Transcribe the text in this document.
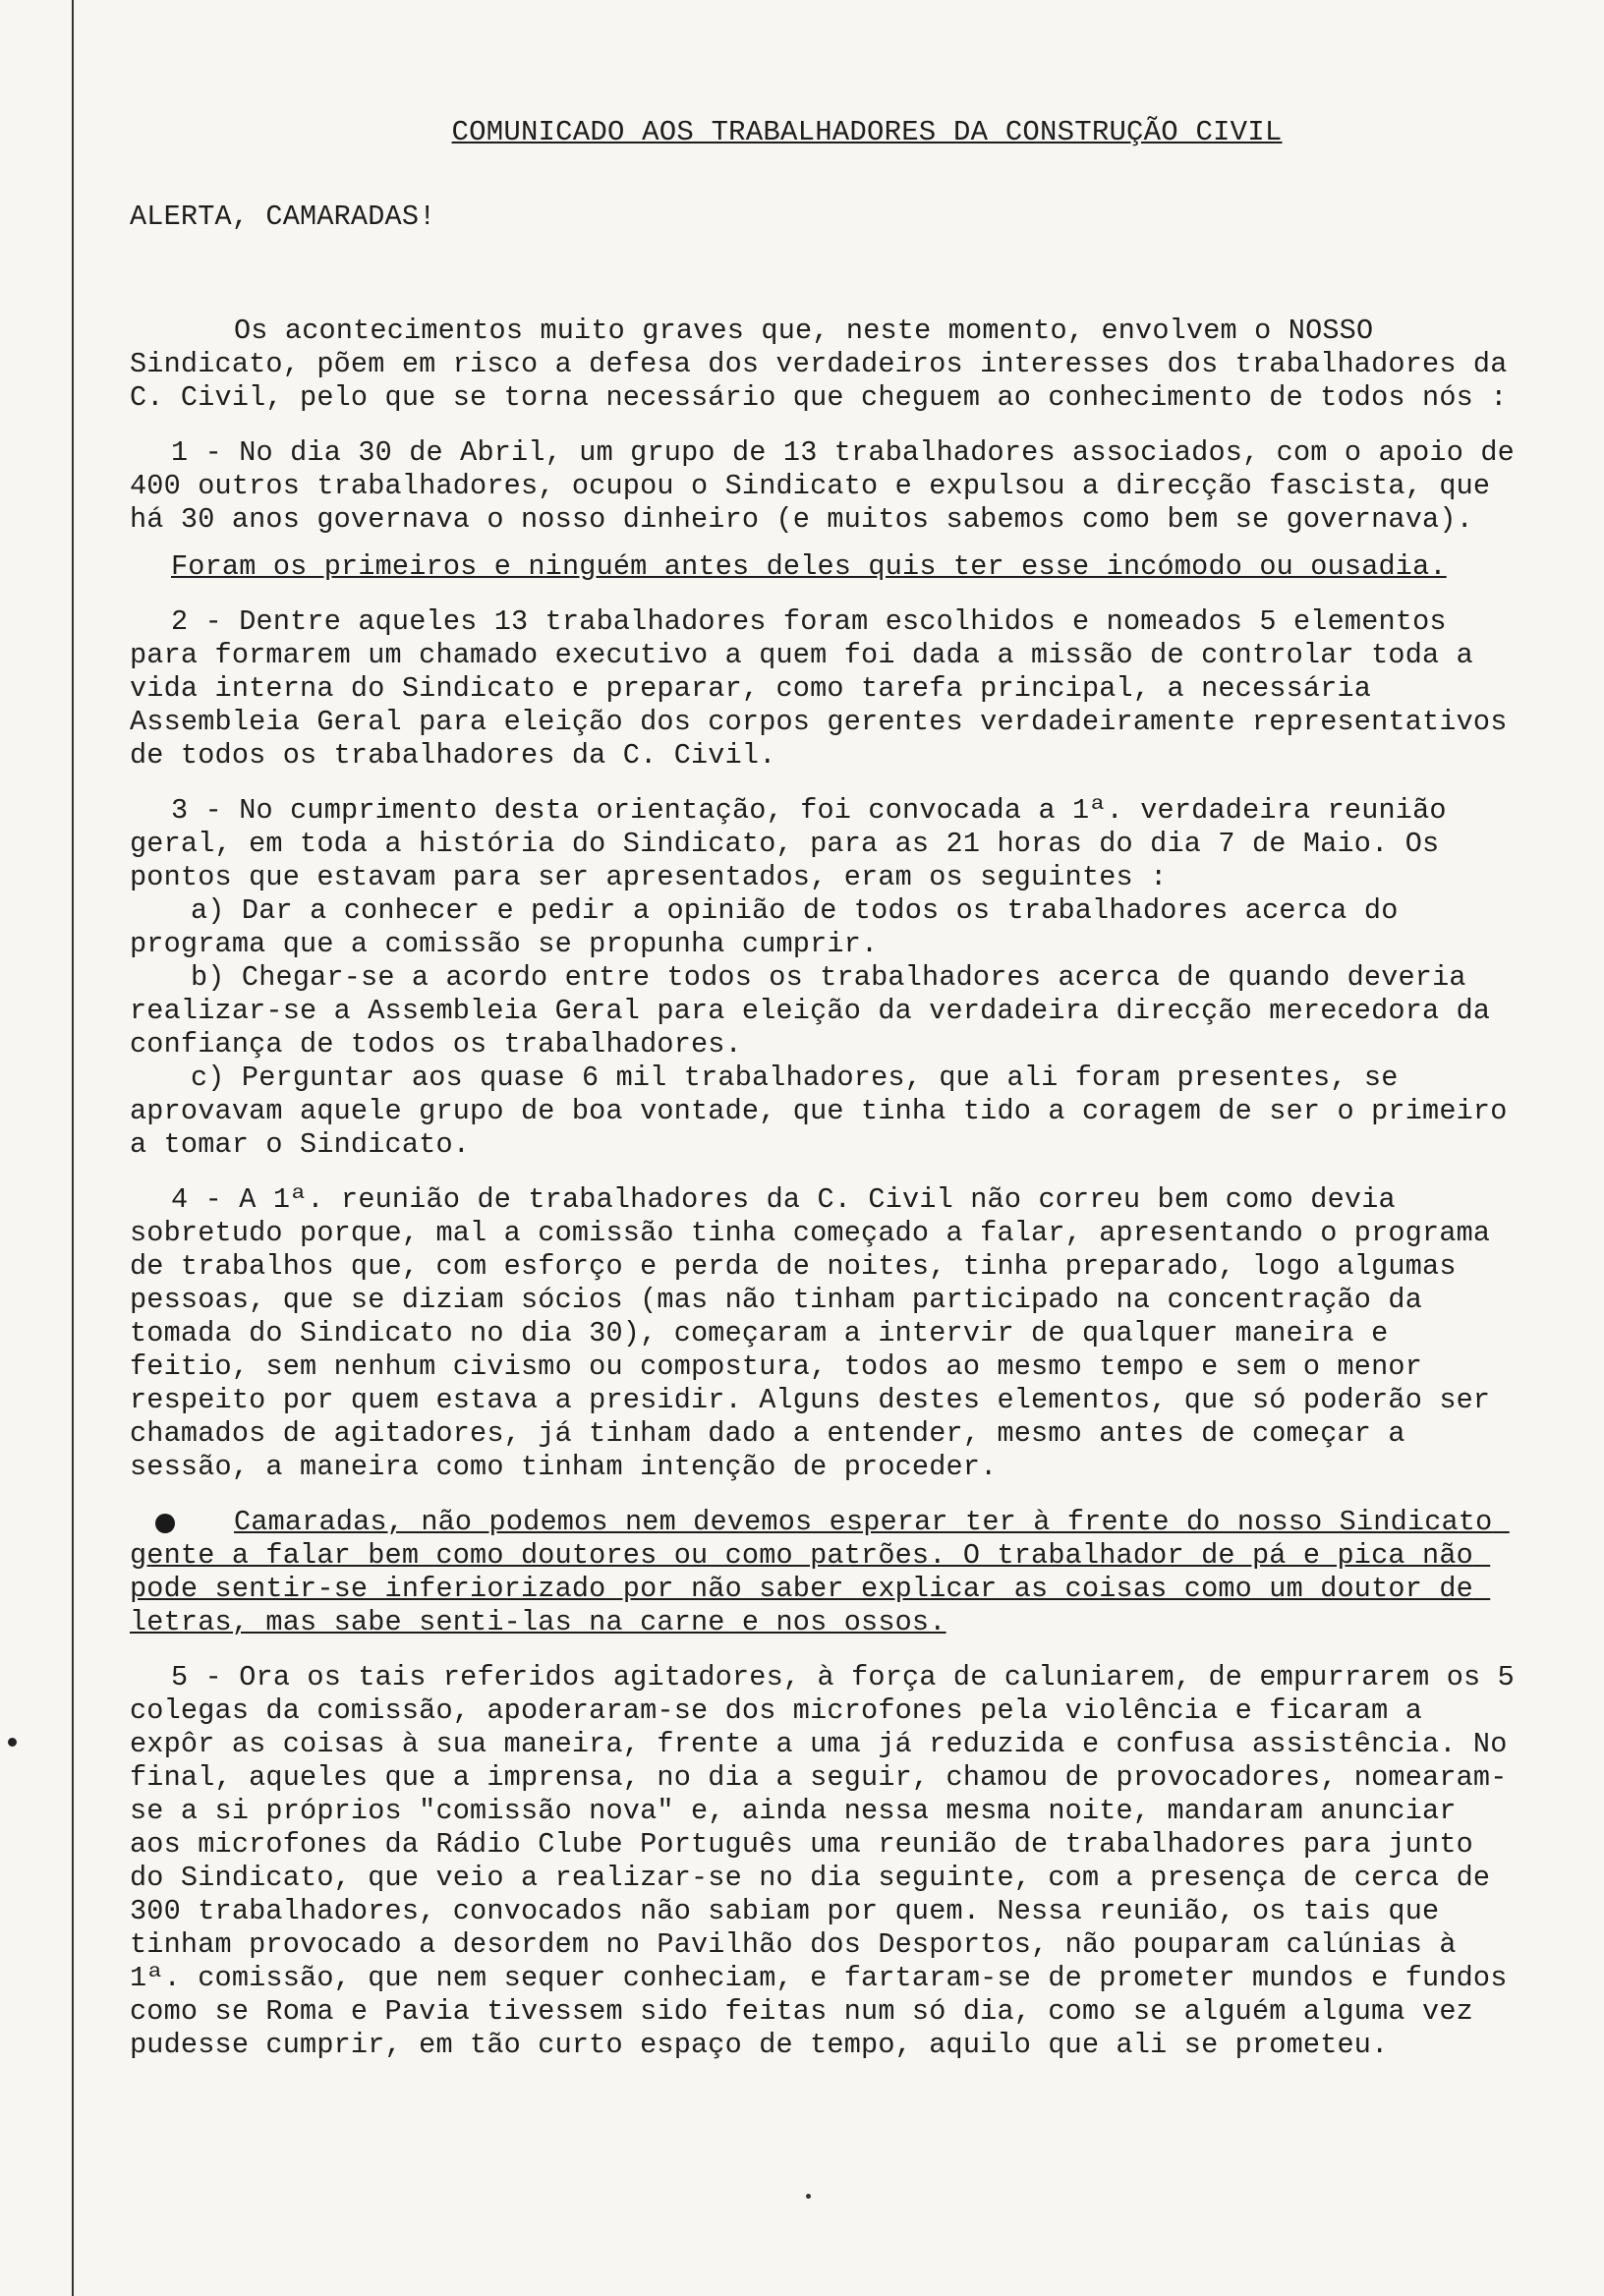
COMUNICADO AOS TRABALHADORES DA CONSTRUÇÃO CIVIL

ALERTA, CAMARADAS!

Os acontecimentos muito graves que, neste momento, envolvem o NOSSO Sindicato, põem em risco a defesa dos verdadeiros interesses dos trabalhadores da C. Civil, pelo que se torna necessário que cheguem ao conhecimento de todos nós :

1 - No dia 30 de Abril, um grupo de 13 trabalhadores associados, com o apoio de 400 outros trabalhadores, ocupou o Sindicato e expulsou a direcção fascista, que há 30 anos governava o nosso dinheiro (e muitos sabemos como bem se governava).

Foram os primeiros e ninguém antes deles quis ter esse incómodo ou ousadia.

2 - Dentre aqueles 13 trabalhadores foram escolhidos e nomeados 5 elementos para formarem um chamado executivo a quem foi dada a missão de controlar toda a vida interna do Sindicato e preparar, como tarefa principal, a necessária Assembleia Geral para eleição dos corpos gerentes verdadeiramente representativos de todos os trabalhadores da C. Civil.

3 - No cumprimento desta orientação, foi convocada a 1ª. verdadeira reunião geral, em toda a história do Sindicato, para as 21 horas do dia 7 de Maio. Os pontos que estavam para ser apresentados, eram os seguintes :

a) Dar a conhecer e pedir a opinião de todos os trabalhadores acerca do programa que a comissão se propunha cumprir.

b) Chegar-se a acordo entre todos os trabalhadores acerca de quando deveria realizar-se a Assembleia Geral para eleição da verdadeira direcção merecedora da confiança de todos os trabalhadores.

c) Perguntar aos quase 6 mil trabalhadores, que ali foram presentes, se aprovavam aquele grupo de boa vontade, que tinha tido a coragem de ser o primeiro a tomar o Sindicato.

4 - A 1ª. reunião de trabalhadores da C. Civil não correu bem como devia sobretudo porque, mal a comissão tinha começado a falar, apresentando o programa de trabalhos que, com esforço e perda de noites, tinha preparado, logo algumas pessoas, que se diziam sócios (mas não tinham participado na concentração da tomada do Sindicato no dia 30), começaram a intervir de qualquer maneira e feitio, sem nenhum civismo ou compostura, todos ao mesmo tempo e sem o menor respeito por quem estava a presidir. Alguns destes elementos, que só poderão ser chamados de agitadores, já tinham dado a entender, mesmo antes de começar a sessão, a maneira como tinham intenção de proceder.

Camaradas, não podemos nem devemos esperar ter à frente do nosso Sindicato gente a falar bem como doutores ou como patrões. O trabalhador de pá e pica não pode sentir-se inferiorizado por não saber explicar as coisas como um doutor de letras, mas sabe senti-las na carne e nos ossos.

5 - Ora os tais referidos agitadores, à força de caluniarem, de empurrarem os 5 colegas da comissão, apoderaram-se dos microfones pela violência e ficaram a expôr as coisas à sua maneira, frente a uma já reduzida e confusa assistência. No final, aqueles que a imprensa, no dia a seguir, chamou de provocadores, nomearam-se a si próprios "comissão nova" e, ainda nessa mesma noite, mandaram anunciar aos microfones da Rádio Clube Português uma reunião de trabalhadores para junto do Sindicato, que veio a realizar-se no dia seguinte, com a presença de cerca de 300 trabalhadores, convocados não sabiam por quem. Nessa reunião, os tais que tinham provocado a desordem no Pavilhão dos Desportos, não pouparam calúnias à 1ª. comissão, que nem sequer conheciam, e fartaram-se de prometer mundos e fundos como se Roma e Pavia tivessem sido feitas num só dia, como se alguém alguma vez pudesse cumprir, em tão curto espaço de tempo, aquilo que ali se prometeu.
